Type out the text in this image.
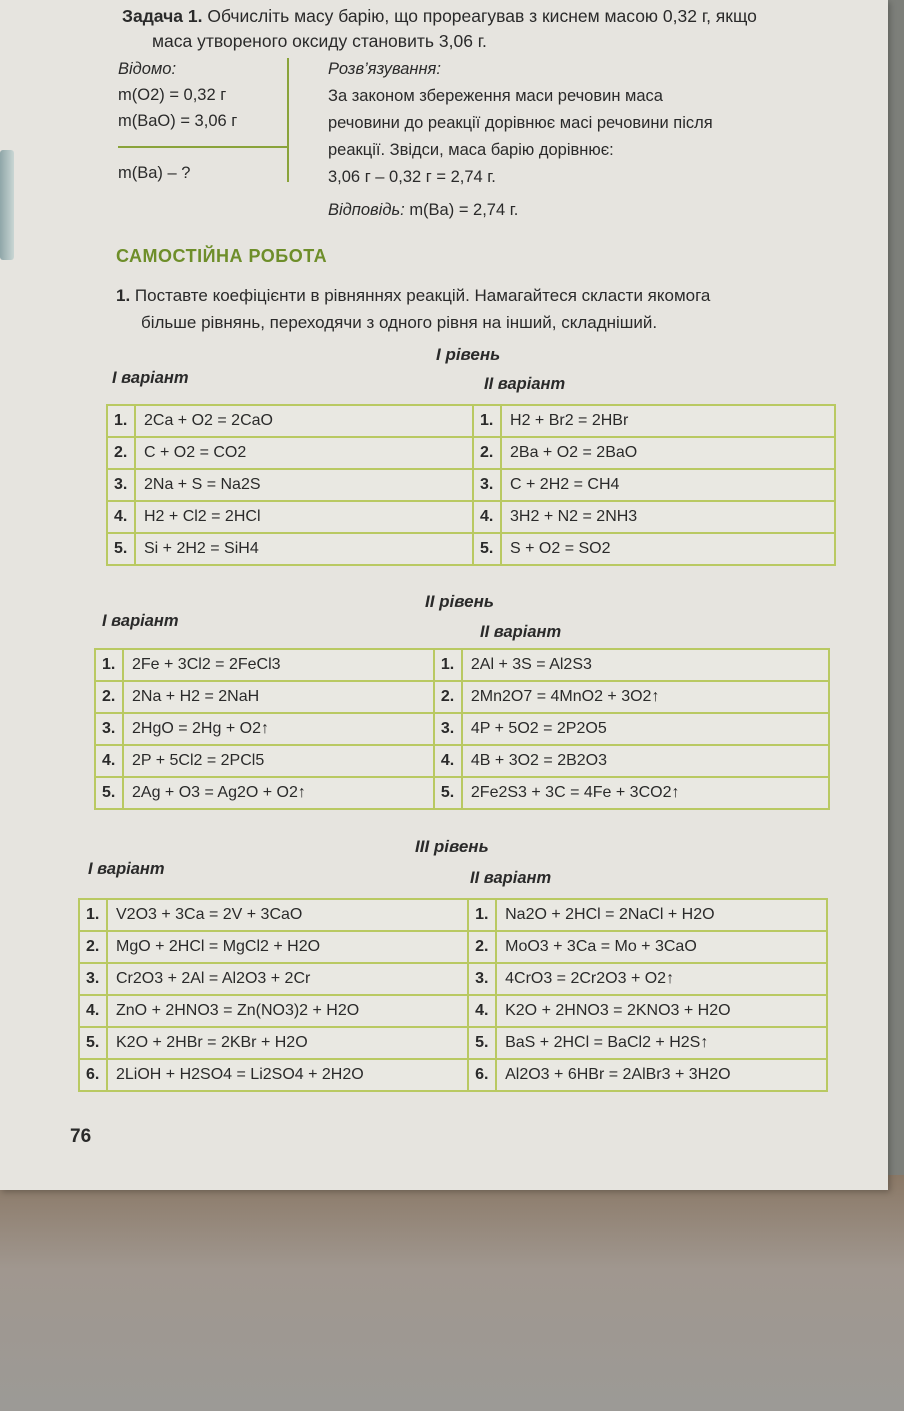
Задача 1. Обчисліть масу барію, що прореагував з киснем масою 0,32 г, якщо
маса утвореного оксиду становить 3,06 г.
Відомо:
m(O2) = 0,32 г
m(BaO) = 3,06 г
m(Ba) – ?
Розв’язування:
За законом збереження маси речовин маса
речовини до реакції дорівнює масі речовини після
реакції. Звідси, маса барію дорівнює:
3,06 г – 0,32 г = 2,74 г.
Відповідь: m(Ba) = 2,74 г.
САМОСТІЙНА РОБОТА
1. Поставте коефіцієнти в рівняннях реакцій. Намагайтеся скласти якомога
більше рівнянь, переходячи з одного рівня на інший, складніший.
I рівень
I варіант	II варіант
1.	2Ca + O2 = 2CaO	1.	H2 + Br2 = 2HBr
2.	C + O2 = CO2	2.	2Ba + O2 = 2BaO
3.	2Na + S = Na2S	3.	C + 2H2 = CH4
4.	H2 + Cl2 = 2HCl	4.	3H2 + N2 = 2NH3
5.	Si + 2H2 = SiH4	5.	S + O2 = SO2
II рівень
I варіант
II варіант
1.	2Fe + 3Cl2 = 2FeCl3	1.	2Al + 3S = Al2S3
2.	2Na + H2 = 2NaH	2.	2Mn2O7 = 4MnO2 + 3O2↑
3.	2HgO = 2Hg + O2↑	3.	4P + 5O2 = 2P2O5
4.	2P + 5Cl2 = 2PCl5	4.	4B + 3O2 = 2B2O3
5.	2Ag + O3 = Ag2O + O2↑	5.	2Fe2S3 + 3C = 4Fe + 3CO2↑
III рівень
I варіант	II варіант
1.	V2O3 + 3Ca = 2V + 3CaO	1.	Na2O + 2HCl = 2NaCl + H2O
2.	MgO + 2HCl = MgCl2 + H2O	2.	MoO3 + 3Ca = Mo + 3CaO
3.	Cr2O3 + 2Al = Al2O3 + 2Cr	3.	4CrO3 = 2Cr2O3 + O2↑
4.	ZnO + 2HNO3 = Zn(NO3)2 + H2O	4.	K2O + 2HNO3 = 2KNO3 + H2O
5.	K2O + 2HBr = 2KBr + H2O	5.	BaS + 2HCl = BaCl2 + H2S↑
6.	2LiOH + H2SO4 = Li2SO4 + 2H2O	6.	Al2O3 + 6HBr = 2AlBr3 + 3H2O
76
